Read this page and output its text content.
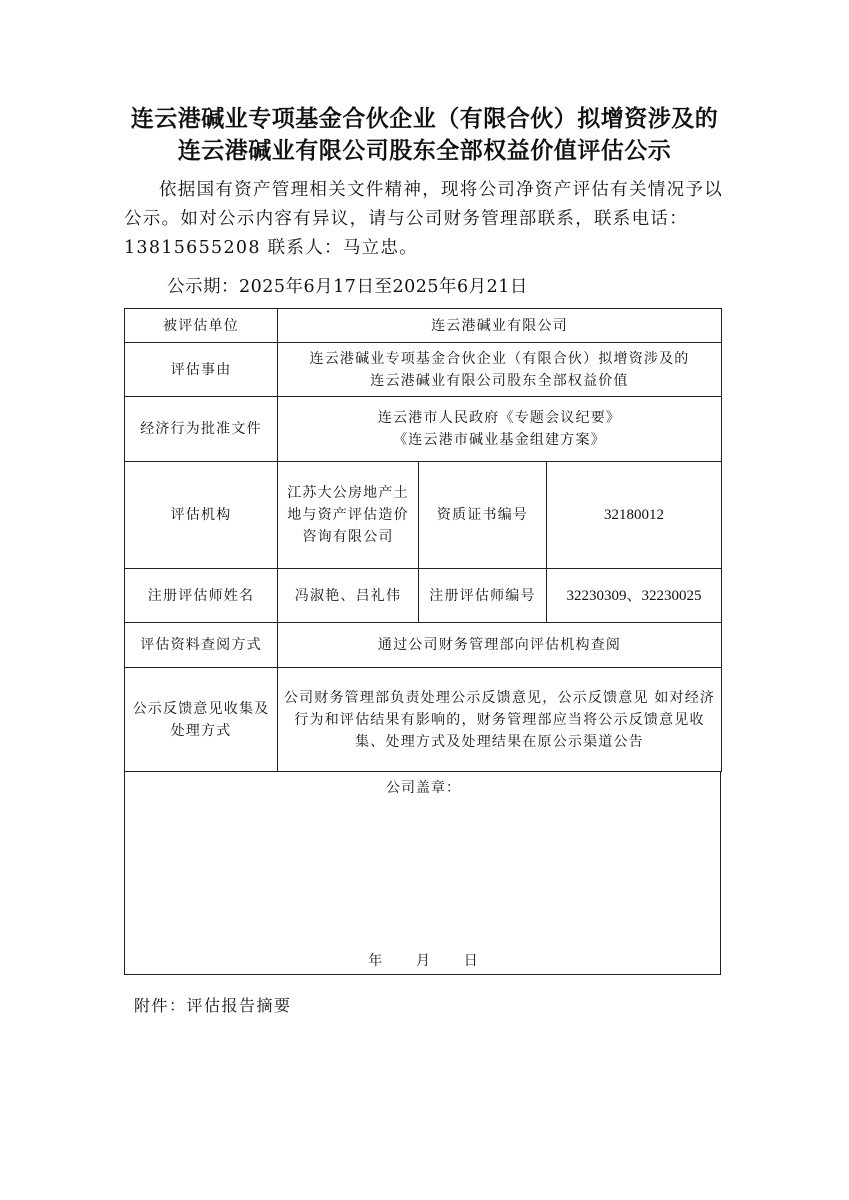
连云港碱业专项基金合伙企业（有限合伙）拟增资涉及的
连云港碱业有限公司股东全部权益价值评估公示

依据国有资产管理相关文件精神，现将公司净资产评估有关情况予以公示。如对公示内容有异议，请与公司财务管理部联系，联系电话：13815655208 联系人：马立忠。

公示期：2025年6月17日至2025年6月21日
被评估单位	连云港碱业有限公司		
评估事由	连云港碱业专项基金合伙企业（有限合伙）拟增资涉及的
连云港碱业有限公司股东全部权益价值		

经济行为批准文件	连云港市人民政府《专题会议纪要》
《连云港市碱业基金组建方案》		

评估机构	江苏大公房地产土地与资产评估造价咨询有限公司	资质证书编号	32180012
注册评估师姓名	冯淑艳、吕礼伟	注册评估师编号	32230309、32230025
评估资料查阅方式	通过公司财务管理部向评估机构查阅		
公示反馈意见收集及处理方式	公司财务管理部负责处理公示反馈意见，公示反馈意见 如对经济行为和评估结果有影响的，财务管理部应当将公示反馈意见收集、处理方式及处理结果在原公示渠道公告		
公司盖章：
年 月 日
附件：评估报告摘要
